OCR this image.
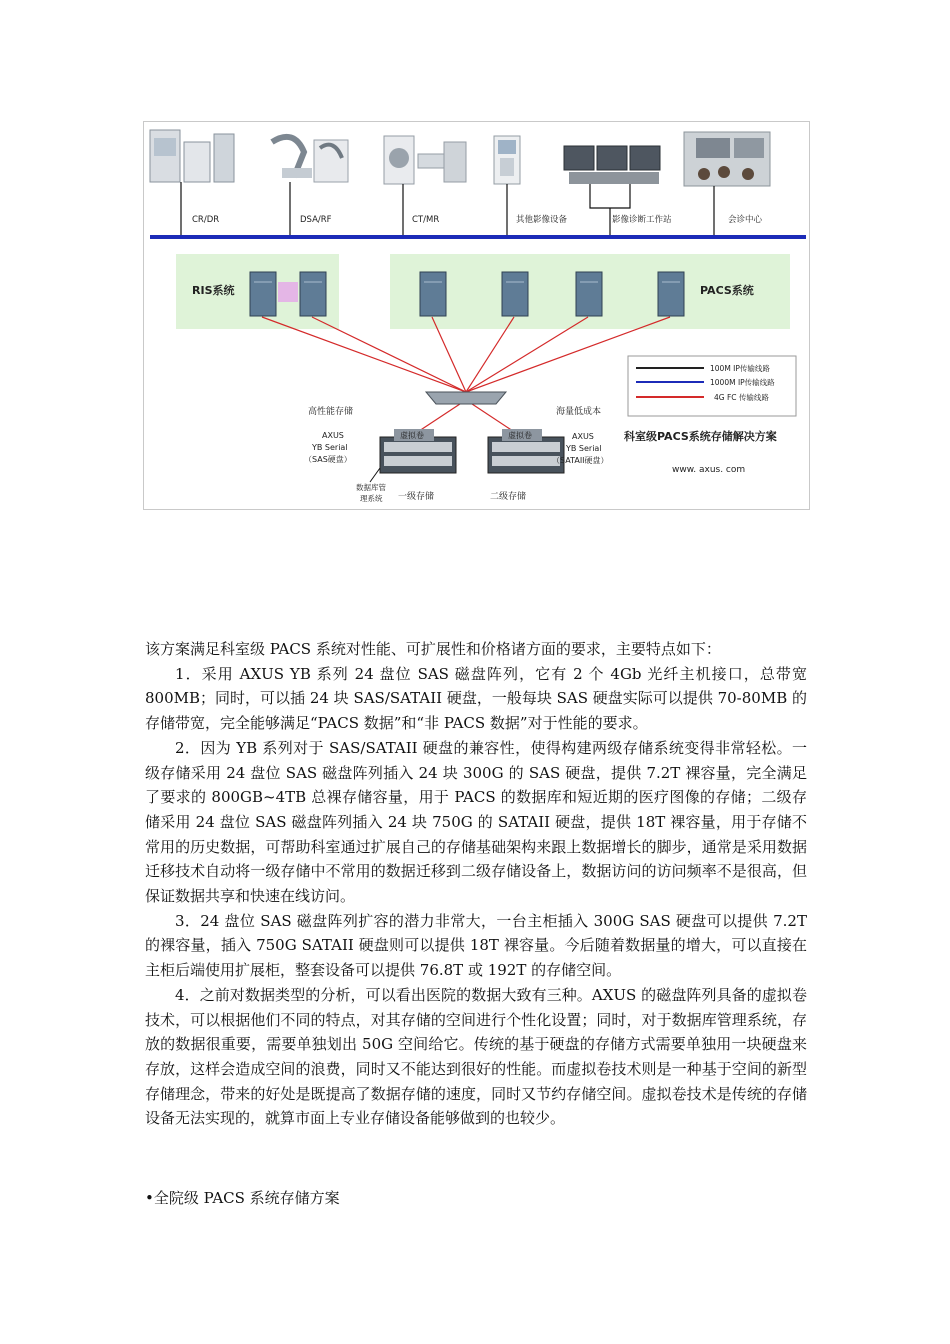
CR/DR	DSA/RF	CT/MR	其他影像设备	影像诊断工作站	会诊中心
RIS系统	PACS系统
100M IP传输线路
1000M IP传输线路
4G FC 传输线路
高性能存储
AXUS
YB Serial
（SAS硬盘）
虚拟卷
数据库管
理系统 一级存储
虚拟卷
海量低成本
AXUS
YB Serial
（SATAII硬盘）
二级存储
科室级PACS系统存储解决方案
www. axus. com

该方案满足科室级 PACS 系统对性能、可扩展性和价格诸方面的要求，主要特点如下：

1．采用 AXUS YB 系列 24 盘位 SAS 磁盘阵列，它有 2 个 4Gb 光纤主机接口，总带宽 800MB；同时，可以插 24 块 SAS/SATAII 硬盘，一般每块 SAS 硬盘实际可以提供 70-80MB 的存储带宽，完全能够满足“PACS 数据”和“非 PACS 数据”对于性能的要求。

2．因为 YB 系列对于 SAS/SATAII 硬盘的兼容性，使得构建两级存储系统变得非常轻松。一级存储采用 24 盘位 SAS 磁盘阵列插入 24 块 300G 的 SAS 硬盘，提供 7.2T 裸容量，完全满足了要求的 800GB~4TB 总裸存储容量，用于 PACS 的数据库和短近期的医疗图像的存储；二级存储采用 24 盘位 SAS 磁盘阵列插入 24 块 750G 的 SATAII 硬盘，提供 18T 裸容量，用于存储不常用的历史数据，可帮助科室通过扩展自己的存储基础架构来跟上数据增长的脚步，通常是采用数据迁移技术自动将一级存储中不常用的数据迁移到二级存储设备上，数据访问的访问频率不是很高，但保证数据共享和快速在线访问。

3．24 盘位 SAS 磁盘阵列扩容的潜力非常大，一台主柜插入 300G SAS 硬盘可以提供 7.2T 的裸容量，插入 750G SATAII 硬盘则可以提供 18T 裸容量。今后随着数据量的增大，可以直接在主柜后端使用扩展柜，整套设备可以提供 76.8T 或 192T 的存储空间。

4．之前对数据类型的分析，可以看出医院的数据大致有三种。AXUS 的磁盘阵列具备的虚拟卷技术，可以根据他们不同的特点，对其存储的空间进行个性化设置；同时，对于数据库管理系统，存放的数据很重要，需要单独划出 50G 空间给它。传统的基于硬盘的存储方式需要单独用一块硬盘来存放，这样会造成空间的浪费，同时又不能达到很好的性能。而虚拟卷技术则是一种基于空间的新型存储理念，带来的好处是既提高了数据存储的速度，同时又节约存储空间。虚拟卷技术是传统的存储设备无法实现的，就算市面上专业存储设备能够做到的也较少。

•全院级 PACS 系统存储方案
